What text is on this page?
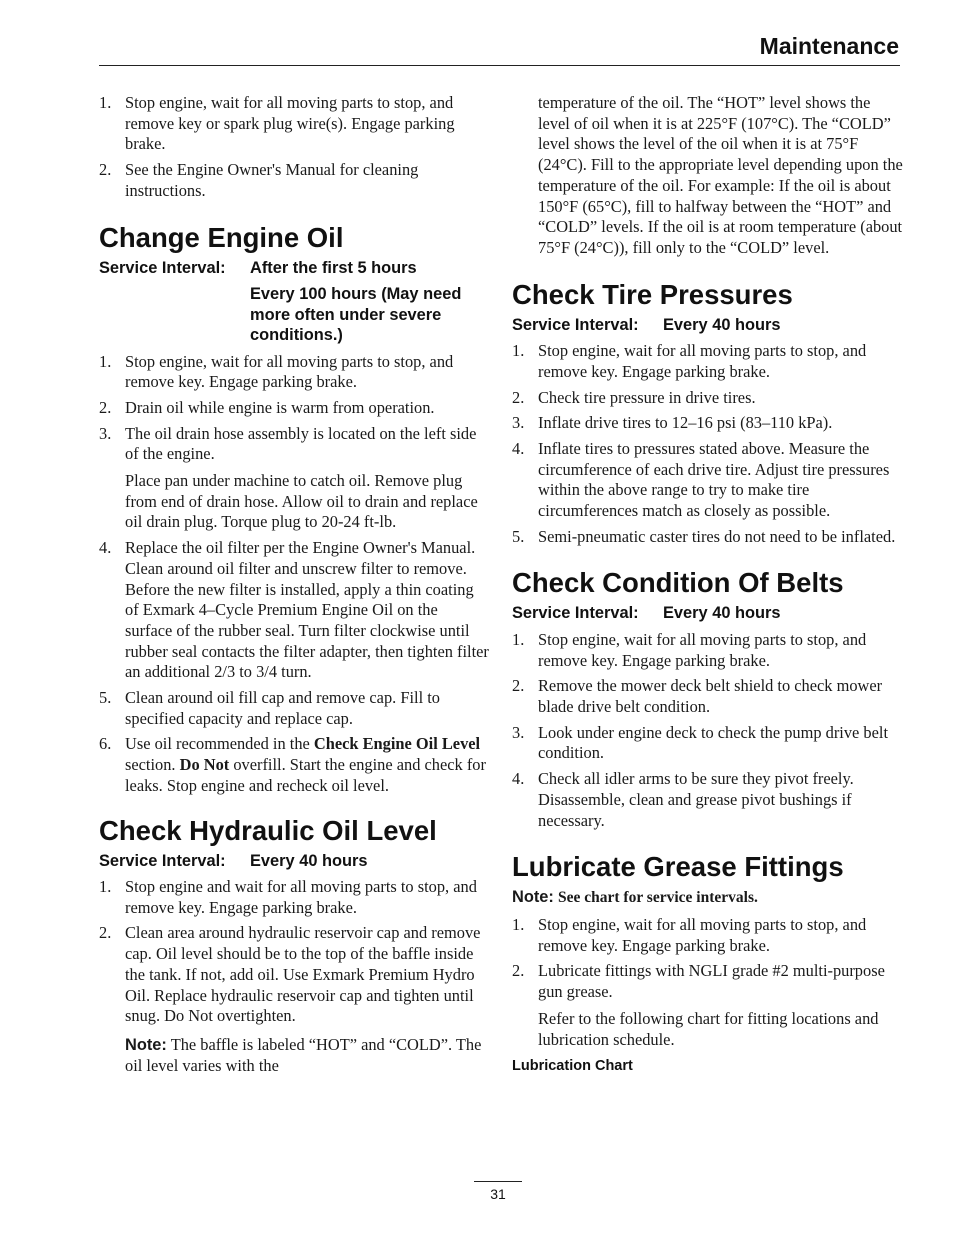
Maintenance
1. Stop engine, wait for all moving parts to stop, and remove key or spark plug wire(s). Engage parking brake.
2. See the Engine Owner's Manual for cleaning instructions.
Change Engine Oil
Service Interval: After the first 5 hours
Every 100 hours (May need more often under severe conditions.)
1. Stop engine, wait for all moving parts to stop, and remove key. Engage parking brake.
2. Drain oil while engine is warm from operation.
3. The oil drain hose assembly is located on the left side of the engine.
Place pan under machine to catch oil. Remove plug from end of drain hose. Allow oil to drain and replace oil drain plug. Torque plug to 20-24 ft-lb.
4. Replace the oil filter per the Engine Owner's Manual. Clean around oil filter and unscrew filter to remove. Before the new filter is installed, apply a thin coating of Exmark 4–Cycle Premium Engine Oil on the surface of the rubber seal. Turn filter clockwise until rubber seal contacts the filter adapter, then tighten filter an additional 2/3 to 3/4 turn.
5. Clean around oil fill cap and remove cap. Fill to specified capacity and replace cap.
6. Use oil recommended in the Check Engine Oil Level section. Do Not overfill. Start the engine and check for leaks. Stop engine and recheck oil level.
Check Hydraulic Oil Level
Service Interval: Every 40 hours
1. Stop engine and wait for all moving parts to stop, and remove key. Engage parking brake.
2. Clean area around hydraulic reservoir cap and remove cap. Oil level should be to the top of the baffle inside the tank. If not, add oil. Use Exmark Premium Hydro Oil. Replace hydraulic reservoir cap and tighten until snug. Do Not overtighten.
Note: The baffle is labeled “HOT” and “COLD”. The oil level varies with the

temperature of the oil. The “HOT” level shows the level of oil when it is at 225°F (107°C). The “COLD” level shows the level of the oil when it is at 75°F (24°C). Fill to the appropriate level depending upon the temperature of the oil. For example: If the oil is about 150°F (65°C), fill to halfway between the “HOT” and “COLD” levels. If the oil is at room temperature (about 75°F (24°C)), fill only to the “COLD” level.

Check Tire Pressures
Service Interval: Every 40 hours
1. Stop engine, wait for all moving parts to stop, and remove key. Engage parking brake.
2. Check tire pressure in drive tires.
3. Inflate drive tires to 12–16 psi (83–110 kPa).
4. Inflate tires to pressures stated above. Measure the circumference of each drive tire. Adjust tire pressures within the above range to try to make tire circumferences match as closely as possible.
5. Semi-pneumatic caster tires do not need to be inflated.
Check Condition Of Belts
Service Interval: Every 40 hours
1. Stop engine, wait for all moving parts to stop, and remove key. Engage parking brake.
2. Remove the mower deck belt shield to check mower blade drive belt condition.
3. Look under engine deck to check the pump drive belt condition.
4. Check all idler arms to be sure they pivot freely. Disassemble, clean and grease pivot bushings if necessary.
Lubricate Grease Fittings
Note: See chart for service intervals.
1. Stop engine, wait for all moving parts to stop, and remove key. Engage parking brake.
2. Lubricate fittings with NGLI grade #2 multi-purpose gun grease.
Refer to the following chart for fitting locations and lubrication schedule.
Lubrication Chart
31
